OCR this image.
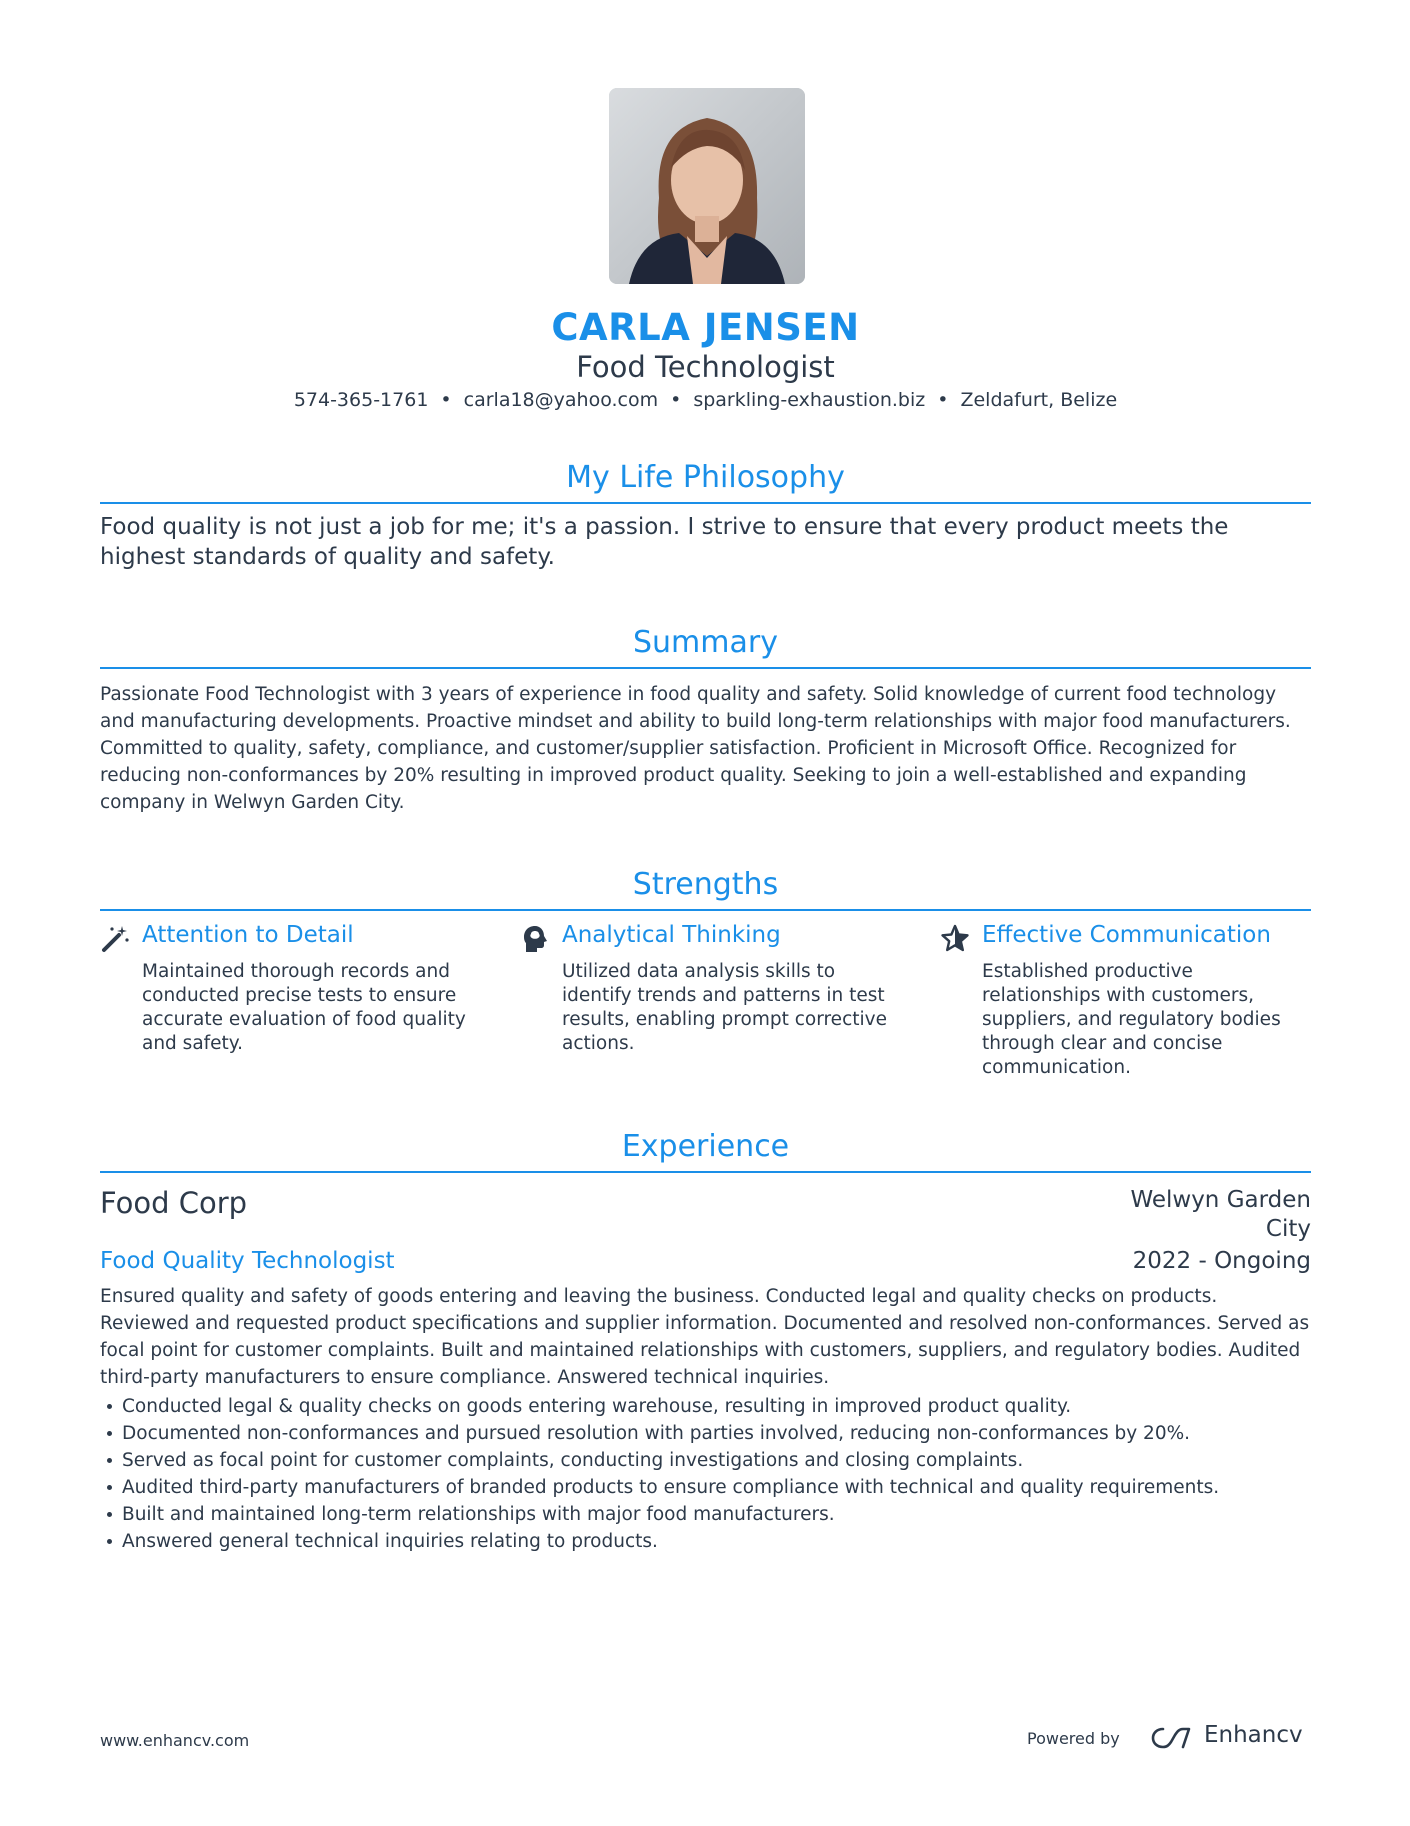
CARLA JENSEN
Food Technologist
574-365-1761 • carla18@yahoo.com • sparkling-exhaustion.biz • Zeldafurt, Belize
My Life Philosophy
Food quality is not just a job for me; it's a passion. I strive to ensure that every product meets the highest standards of quality and safety.
Summary
Passionate Food Technologist with 3 years of experience in food quality and safety. Solid knowledge of current food technology and manufacturing developments. Proactive mindset and ability to build long-term relationships with major food manufacturers. Committed to quality, safety, compliance, and customer/supplier satisfaction. Proficient in Microsoft Office. Recognized for reducing non-conformances by 20% resulting in improved product quality. Seeking to join a well-established and expanding company in Welwyn Garden City.
Strengths
Attention to Detail
Maintained thorough records and conducted precise tests to ensure accurate evaluation of food quality and safety.
Analytical Thinking
Utilized data analysis skills to identify trends and patterns in test results, enabling prompt corrective actions.
Effective Communication
Established productive relationships with customers, suppliers, and regulatory bodies through clear and concise communication.
Experience
Food Corp	Welwyn Garden City
Food Quality Technologist	2022 - Ongoing
Ensured quality and safety of goods entering and leaving the business. Conducted legal and quality checks on products. Reviewed and requested product specifications and supplier information. Documented and resolved non-conformances. Served as focal point for customer complaints. Built and maintained relationships with customers, suppliers, and regulatory bodies. Audited third-party manufacturers to ensure compliance. Answered technical inquiries.
Conducted legal & quality checks on goods entering warehouse, resulting in improved product quality.
Documented non-conformances and pursued resolution with parties involved, reducing non-conformances by 20%.
Served as focal point for customer complaints, conducting investigations and closing complaints.
Audited third-party manufacturers of branded products to ensure compliance with technical and quality requirements.
Built and maintained long-term relationships with major food manufacturers.
Answered general technical inquiries relating to products.
www.enhancv.com	Powered by	Enhancv
